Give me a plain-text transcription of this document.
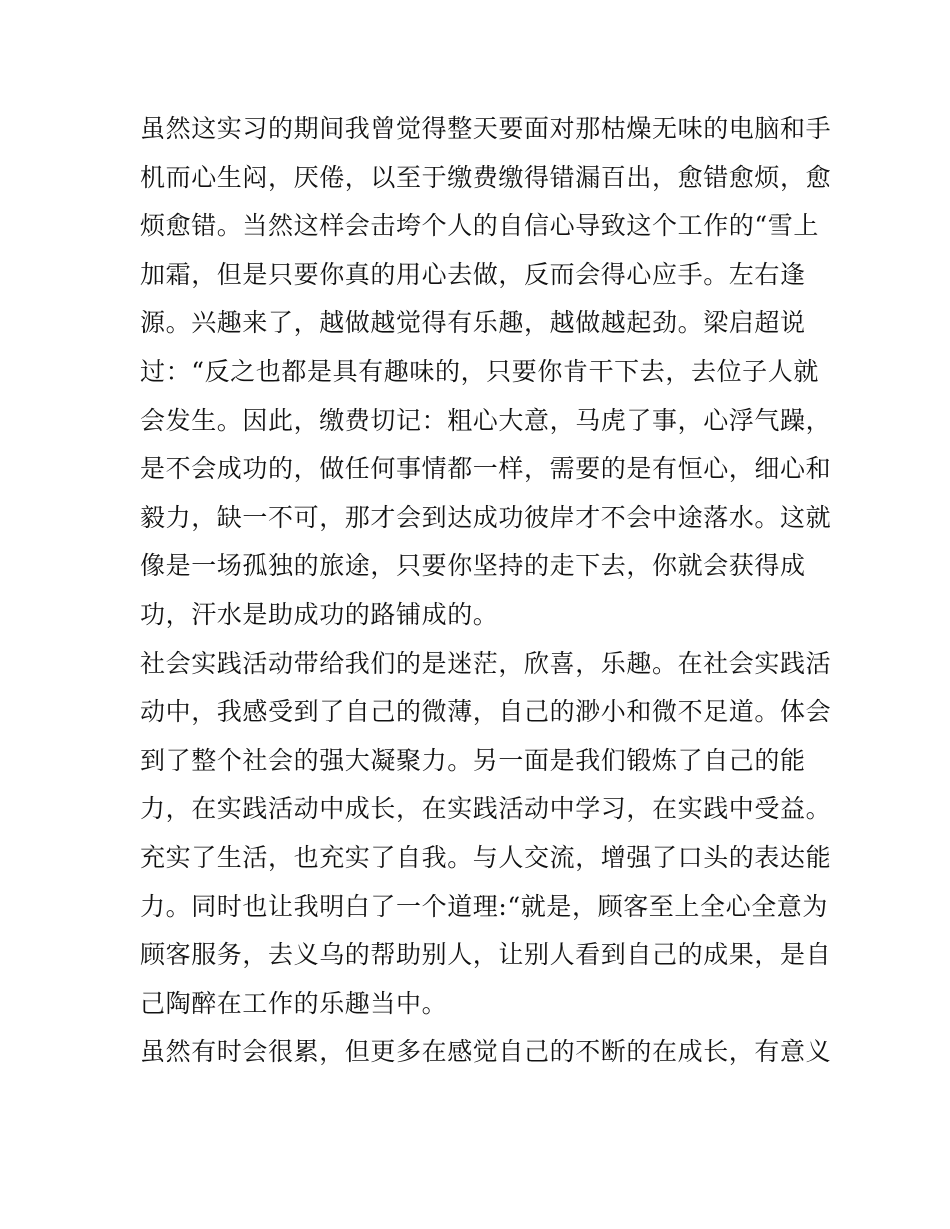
虽然这实习的期间我曾觉得整天要面对那枯燥无味的电脑和手
机而心生闷，厌倦，以至于缴费缴得错漏百出，愈错愈烦，愈
烦愈错。当然这样会击垮个人的自信心导致这个工作的“雪上
加霜，但是只要你真的用心去做，反而会得心应手。左右逢
源。兴趣来了，越做越觉得有乐趣，越做越起劲。梁启超说
过：“反之也都是具有趣味的，只要你肯干下去，去位子人就
会发生。因此，缴费切记：粗心大意，马虎了事，心浮气躁，
是不会成功的，做任何事情都一样，需要的是有恒心，细心和
毅力，缺一不可，那才会到达成功彼岸才不会中途落水。这就
像是一场孤独的旅途，只要你坚持的走下去，你就会获得成
功，汗水是助成功的路铺成的。
社会实践活动带给我们的是迷茫，欣喜，乐趣。在社会实践活
动中，我感受到了自己的微薄，自己的渺小和微不足道。体会
到了整个社会的强大凝聚力。另一面是我们锻炼了自己的能
力，在实践活动中成长，在实践活动中学习，在实践中受益。
充实了生活，也充实了自我。与人交流，增强了口头的表达能
力。同时也让我明白了一个道理:“就是，顾客至上全心全意为
顾客服务，去义乌的帮助别人，让别人看到自己的成果，是自
己陶醉在工作的乐趣当中。
虽然有时会很累，但更多在感觉自己的不断的在成长，有意义
